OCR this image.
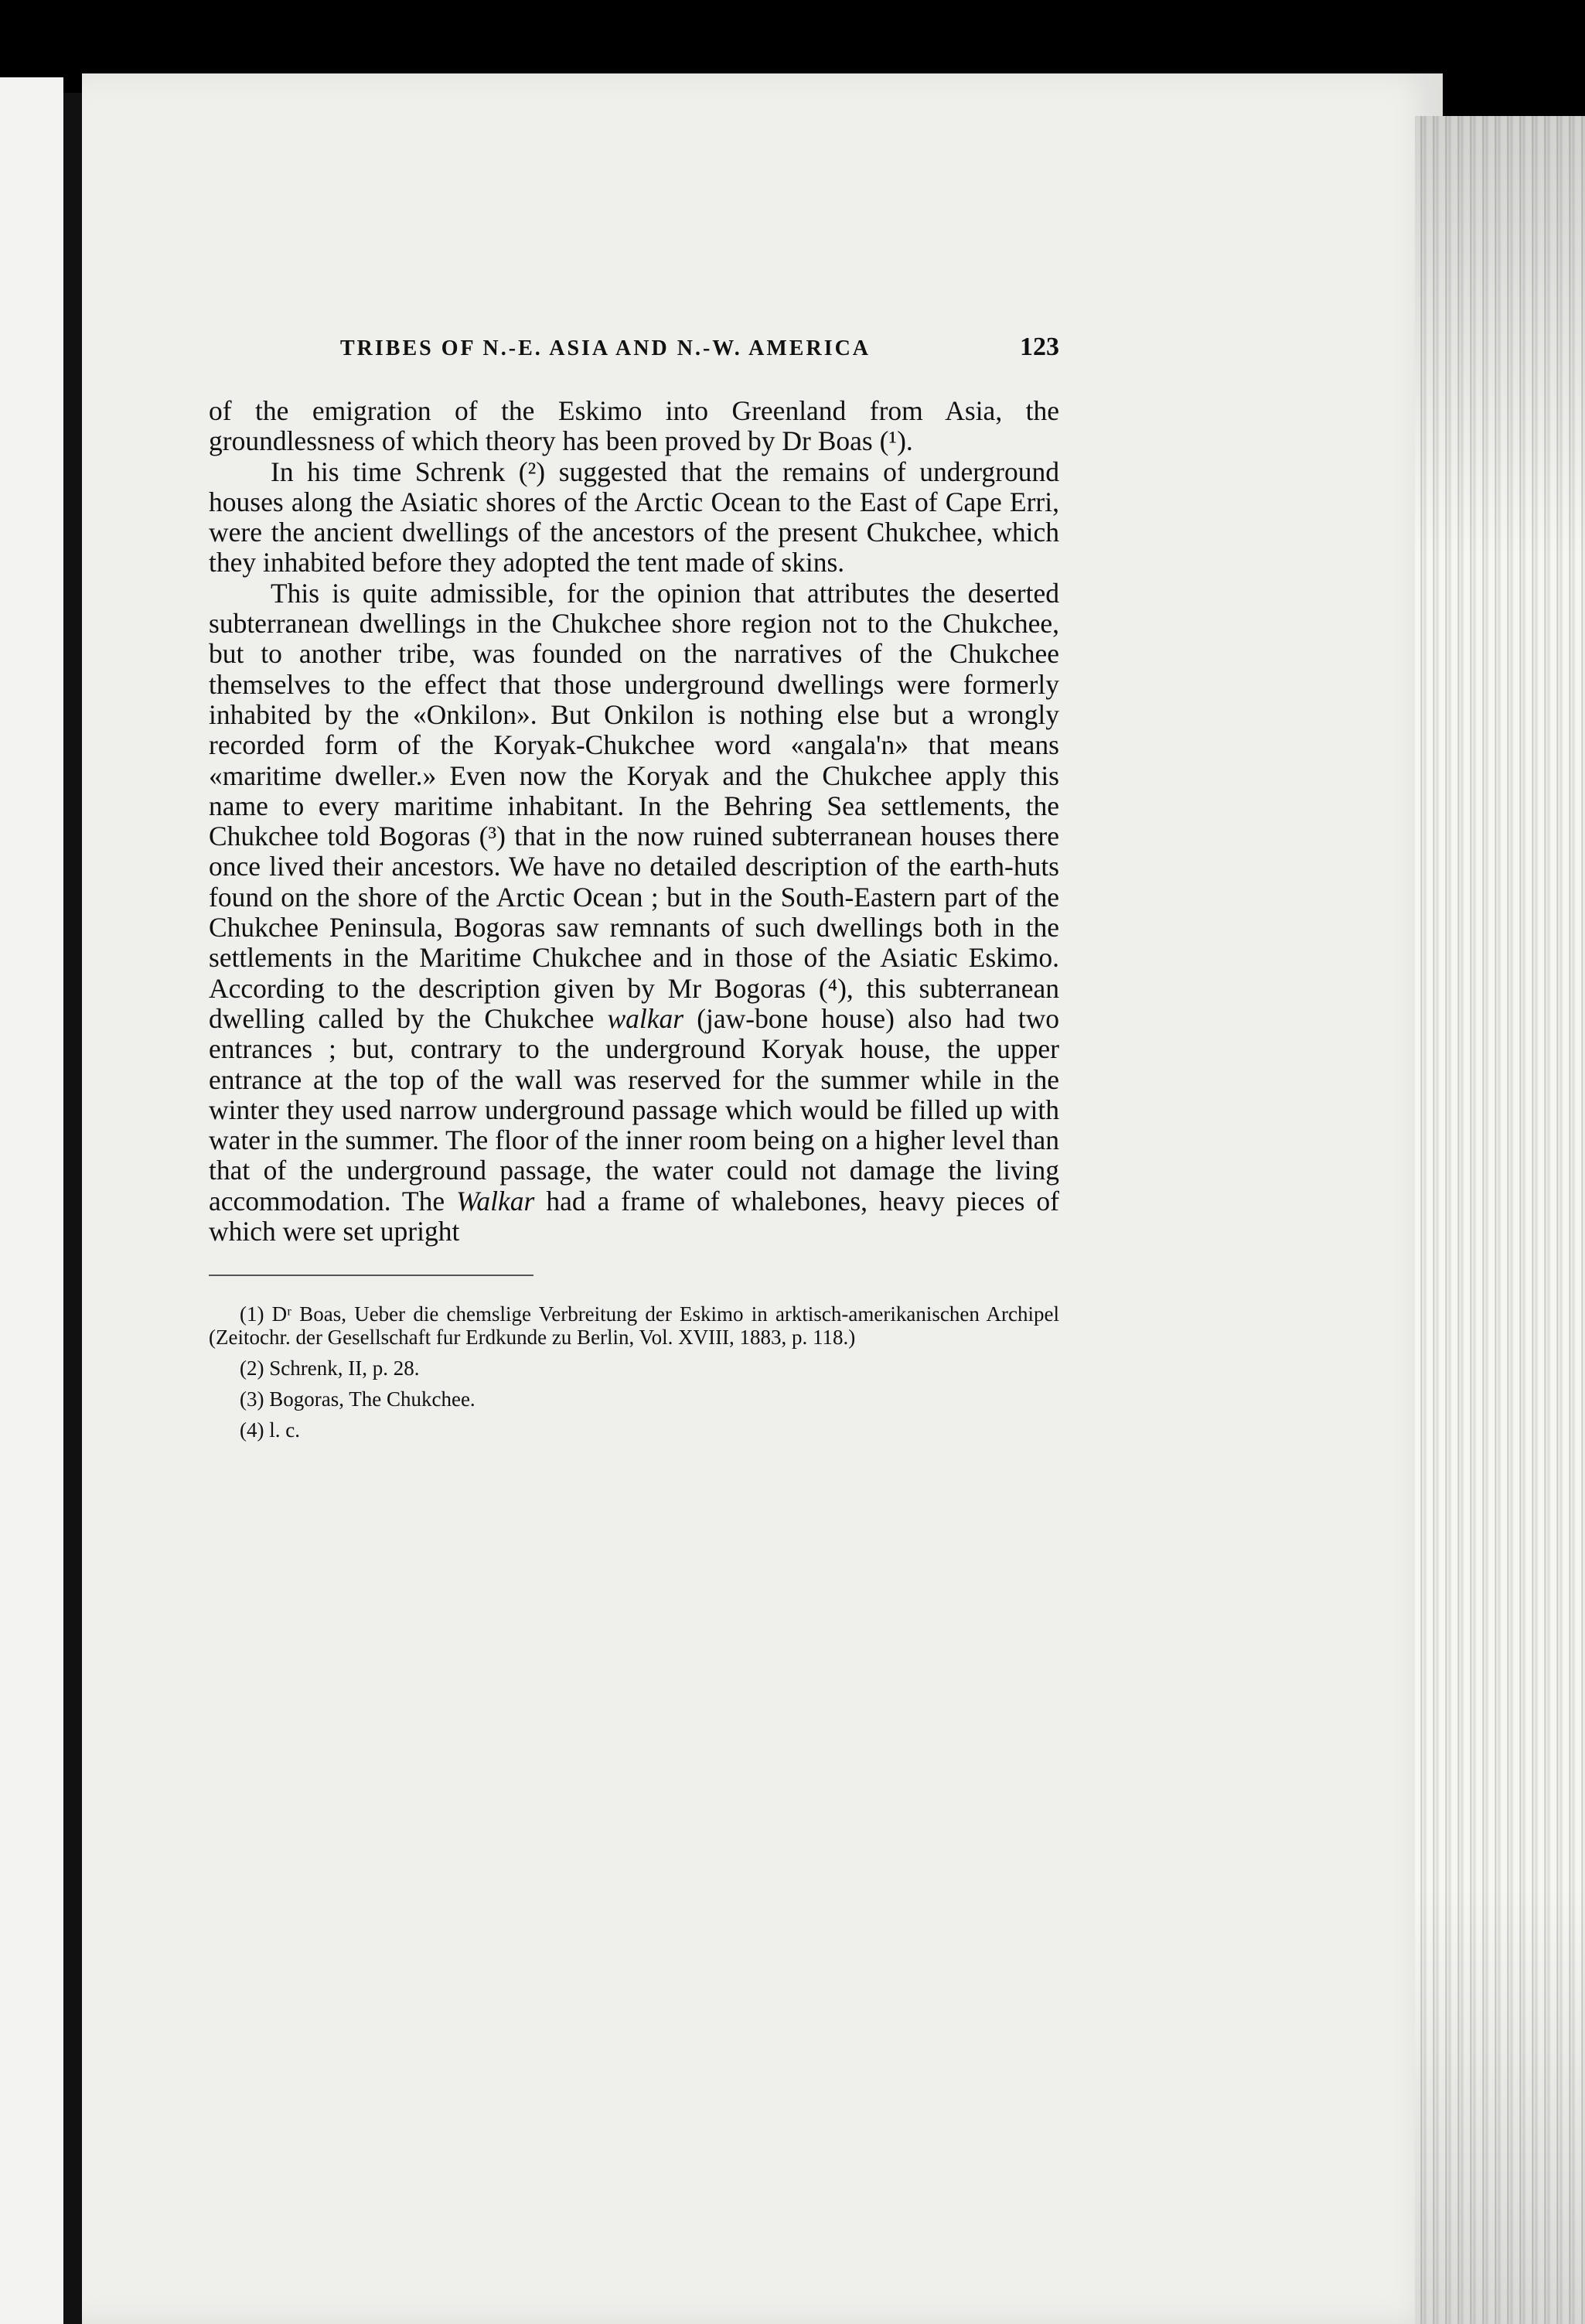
TRIBES OF N.-E. ASIA AND N.-W. AMERICA	123

of the emigration of the Eskimo into Greenland from Asia, the groundlessness of which theory has been proved by Dr Boas (¹).

In his time Schrenk (²) suggested that the remains of underground houses along the Asiatic shores of the Arctic Ocean to the East of Cape Erri, were the ancient dwellings of the ancestors of the present Chukchee, which they inhabited before they adopted the tent made of skins.

This is quite admissible, for the opinion that attributes the deserted subterranean dwellings in the Chukchee shore region not to the Chukchee, but to another tribe, was founded on the narratives of the Chukchee themselves to the effect that those underground dwellings were formerly inhabited by the «Onkilon». But Onkilon is nothing else but a wrongly recorded form of the Koryak-Chukchee word «angala'n» that means «maritime dweller.» Even now the Koryak and the Chukchee apply this name to every maritime inhabitant. In the Behring Sea settlements, the Chukchee told Bogoras (³) that in the now ruined subterranean houses there once lived their ancestors. We have no detailed description of the earth-huts found on the shore of the Arctic Ocean ; but in the South-Eastern part of the Chukchee Peninsula, Bogoras saw remnants of such dwellings both in the settlements in the Maritime Chukchee and in those of the Asiatic Eskimo. According to the description given by Mr Bogoras (⁴), this subterranean dwelling called by the Chukchee walkar (jaw-bone house) also had two entrances ; but, contrary to the underground Koryak house, the upper entrance at the top of the wall was reserved for the summer while in the winter they used narrow underground passage which would be filled up with water in the summer. The floor of the inner room being on a higher level than that of the underground passage, the water could not damage the living accommodation. The Walkar had a frame of whalebones, heavy pieces of which were set upright

(1) Dʳ Boas, Ueber die chemslige Verbreitung der Eskimo in arktisch-amerikanischen Archipel (Zeitochr. der Gesellschaft fur Erdkunde zu Berlin, Vol. XVIII, 1883, p. 118.)

(2) Schrenk, II, p. 28.

(3) Bogoras, The Chukchee.

(4) l. c.
